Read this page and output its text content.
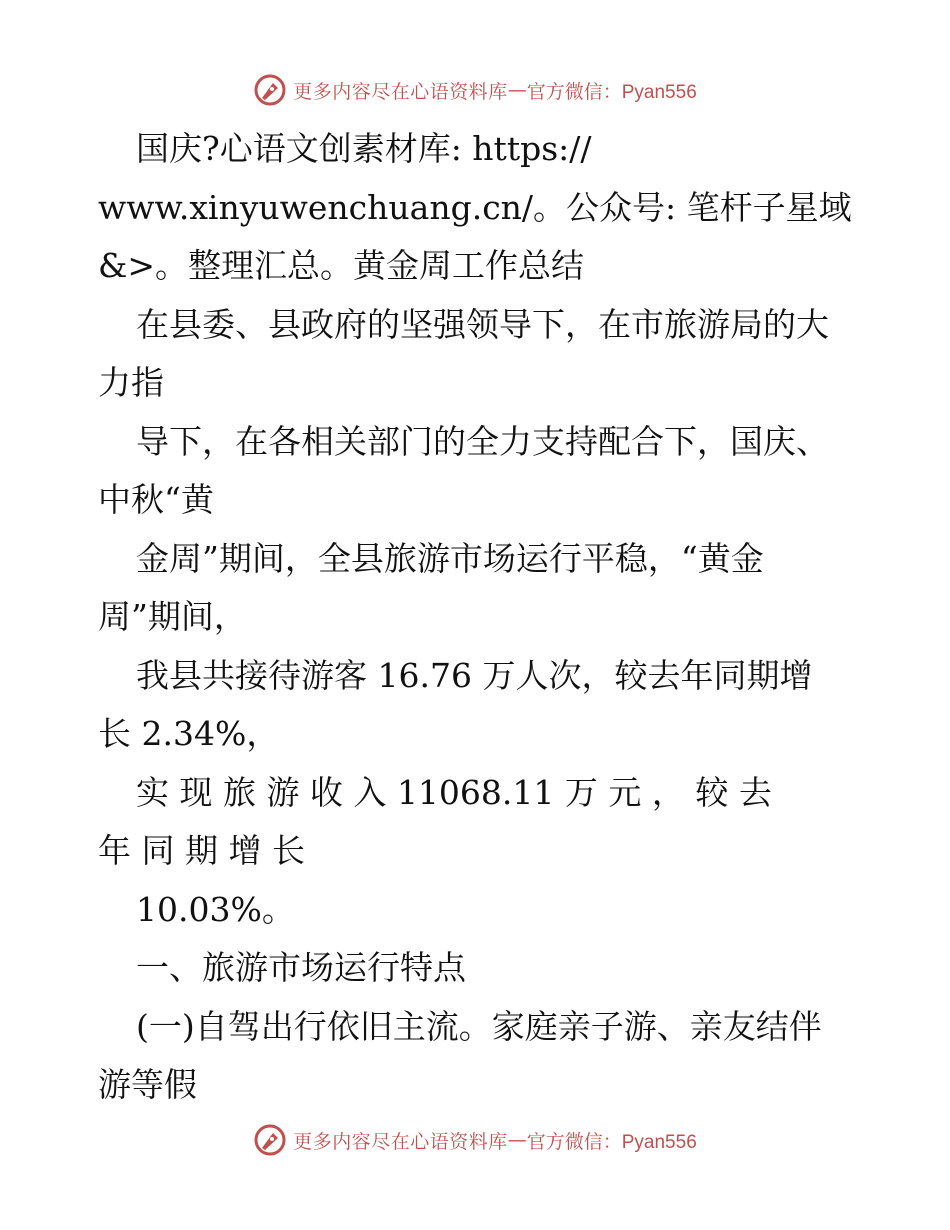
更多内容尽在心语资料库 — 官方微信：Pyan556
国庆?心语文创素材库: https://
www.xinyuwenchuang.cn/。公众号: 笔杆子星域
&>。整理汇总。黄金周工作总结
在县委、县政府的坚强领导下，在市旅游局的大
力指
导下，在各相关部门的全力支持配合下，国庆、
中秋“黄
金周”期间，全县旅游市场运行平稳，“黄金
周”期间，
我县共接待游客 16.76 万人次，较去年同期增
长 2.34%，
实 现 旅 游 收 入 11068.11 万 元 ， 较 去
年 同 期 增 长
10.03%。
一、旅游市场运行特点
(一)自驾出行依旧主流。家庭亲子游、亲友结伴
游等假
更多内容尽在心语资料库 — 官方微信：Pyan556
